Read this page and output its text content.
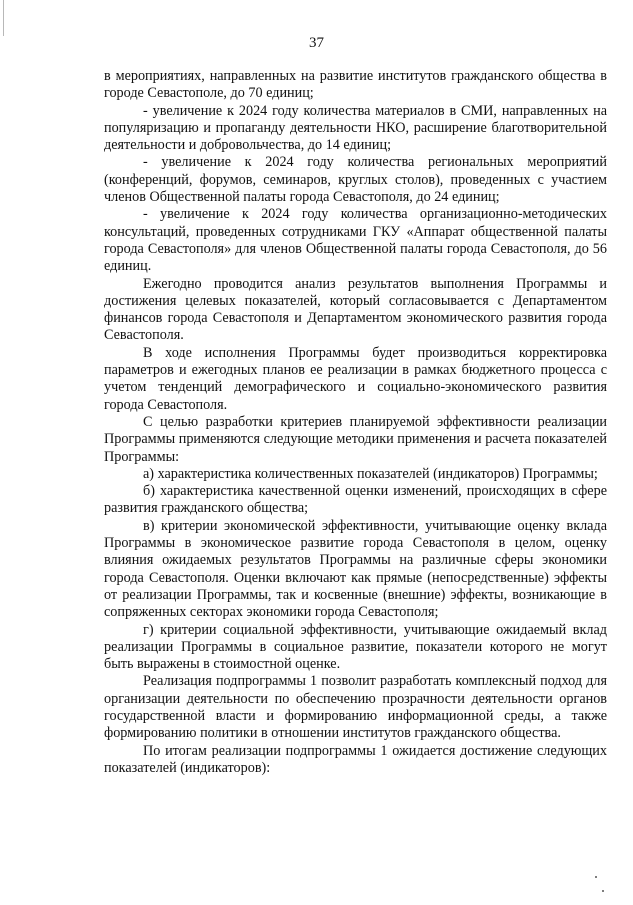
37

в мероприятиях, направленных на развитие институтов гражданского общества в городе Севастополе, до 70 единиц;

- увеличение к 2024 году количества материалов в СМИ, направленных на популяризацию и пропаганду деятельности НКО, расширение благотворительной деятельности и добровольчества, до 14 единиц;

- увеличение к 2024 году количества региональных мероприятий (конференций, форумов, семинаров, круглых столов), проведенных с участием членов Общественной палаты города Севастополя, до 24 единиц;

- увеличение к 2024 году количества организационно-методических консультаций, проведенных сотрудниками ГКУ «Аппарат общественной палаты города Севастополя» для членов Общественной палаты города Севастополя, до 56 единиц.

Ежегодно проводится анализ результатов выполнения Программы и достижения целевых показателей, который согласовывается с Департаментом финансов города Севастополя и Департаментом экономического развития города Севастополя.

В ходе исполнения Программы будет производиться корректировка параметров и ежегодных планов ее реализации в рамках бюджетного процесса с учетом тенденций демографического и социально-экономического развития города Севастополя.

С целью разработки критериев планируемой эффективности реализации Программы применяются следующие методики применения и расчета показателей Программы:

а) характеристика количественных показателей (индикаторов) Программы;

б) характеристика качественной оценки изменений, происходящих в сфере развития гражданского общества;

в) критерии экономической эффективности, учитывающие оценку вклада Программы в экономическое развитие города Севастополя в целом, оценку влияния ожидаемых результатов Программы на различные сферы экономики города Севастополя. Оценки включают как прямые (непосредственные) эффекты от реализации Программы, так и косвенные (внешние) эффекты, возникающие в сопряженных секторах экономики города Севастополя;

г) критерии социальной эффективности, учитывающие ожидаемый вклад реализации Программы в социальное развитие, показатели которого не могут быть выражены в стоимостной оценке.

Реализация подпрограммы 1 позволит разработать комплексный подход для организации деятельности по обеспечению прозрачности деятельности органов государственной власти и формированию информационной среды, а также формированию политики в отношении институтов гражданского общества.

По итогам реализации подпрограммы 1 ожидается достижение следующих показателей (индикаторов):
